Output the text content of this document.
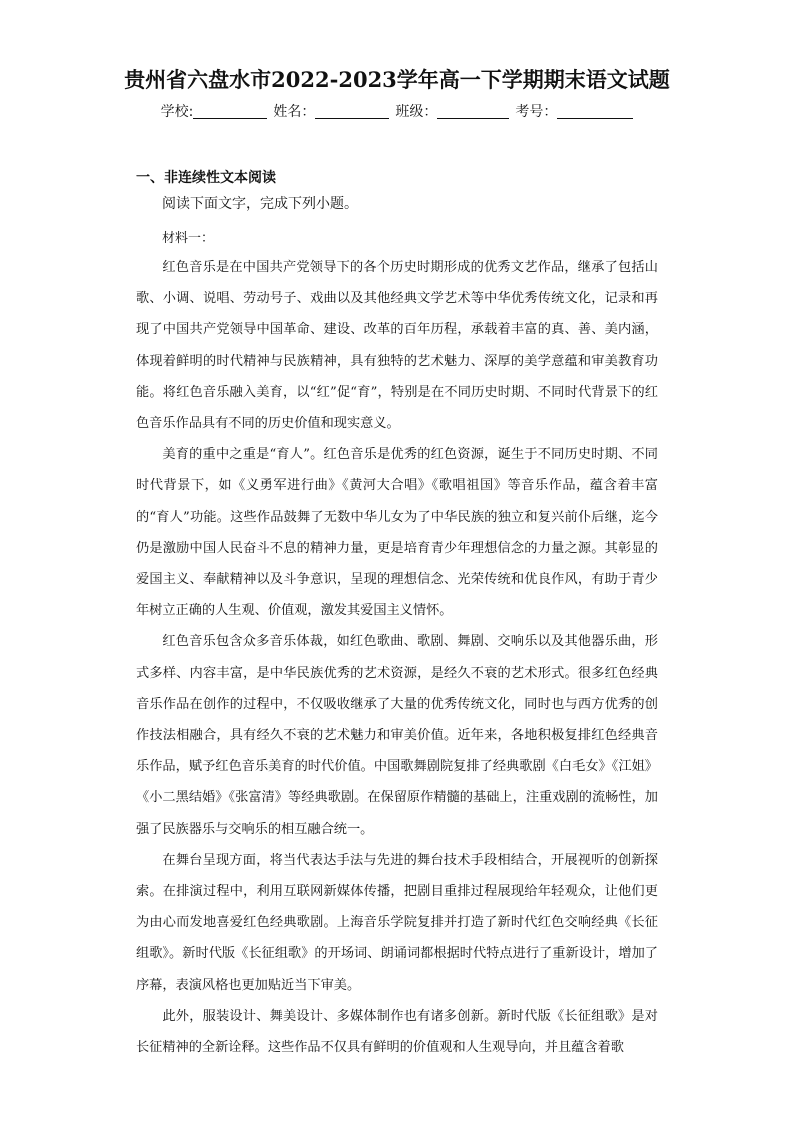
贵州省六盘水市2022-2023学年高一下学期期末语文试题
学校:	姓名：	班级：	考号：
一、非连续性文本阅读
阅读下面文字，完成下列小题。
材料一：

红色音乐是在中国共产党领导下的各个历史时期形成的优秀文艺作品，继承了包括山歌、小调、说唱、劳动号子、戏曲以及其他经典文学艺术等中华优秀传统文化，记录和再现了中国共产党领导中国革命、建设、改革的百年历程，承载着丰富的真、善、美内涵，体现着鲜明的时代精神与民族精神，具有独特的艺术魅力、深厚的美学意蕴和审美教育功能。将红色音乐融入美育，以“红”促“育”，特别是在不同历史时期、不同时代背景下的红色音乐作品具有不同的历史价值和现实意义。

美育的重中之重是“育人”。红色音乐是优秀的红色资源，诞生于不同历史时期、不同时代背景下，如《义勇军进行曲》《黄河大合唱》《歌唱祖国》等音乐作品，蕴含着丰富的“育人”功能。这些作品鼓舞了无数中华儿女为了中华民族的独立和复兴前仆后继，迄今仍是激励中国人民奋斗不息的精神力量，更是培育青少年理想信念的力量之源。其彰显的爱国主义、奉献精神以及斗争意识，呈现的理想信念、光荣传统和优良作风，有助于青少年树立正确的人生观、价值观，激发其爱国主义情怀。

红色音乐包含众多音乐体裁，如红色歌曲、歌剧、舞剧、交响乐以及其他器乐曲，形式多样、内容丰富，是中华民族优秀的艺术资源，是经久不衰的艺术形式。很多红色经典音乐作品在创作的过程中，不仅吸收继承了大量的优秀传统文化，同时也与西方优秀的创作技法相融合，具有经久不衰的艺术魅力和审美价值。近年来，各地积极复排红色经典音乐作品，赋予红色音乐美育的时代价值。中国歌舞剧院复排了经典歌剧《白毛女》《江姐》《小二黑结婚》《张富清》等经典歌剧。在保留原作精髓的基础上，注重戏剧的流畅性，加强了民族器乐与交响乐的相互融合统一。

在舞台呈现方面，将当代表达手法与先进的舞台技术手段相结合，开展视听的创新探索。在排演过程中，利用互联网新媒体传播，把剧目重排过程展现给年轻观众，让他们更为由心而发地喜爱红色经典歌剧。上海音乐学院复排并打造了新时代红色交响经典《长征组歌》。新时代版《长征组歌》的开场词、朗诵词都根据时代特点进行了重新设计，增加了序幕，表演风格也更加贴近当下审美。

此外，服装设计、舞美设计、多媒体制作也有诸多创新。新时代版《长征组歌》是对长征精神的全新诠释。这些作品不仅具有鲜明的价值观和人生观导向，并且蕴含着歌
